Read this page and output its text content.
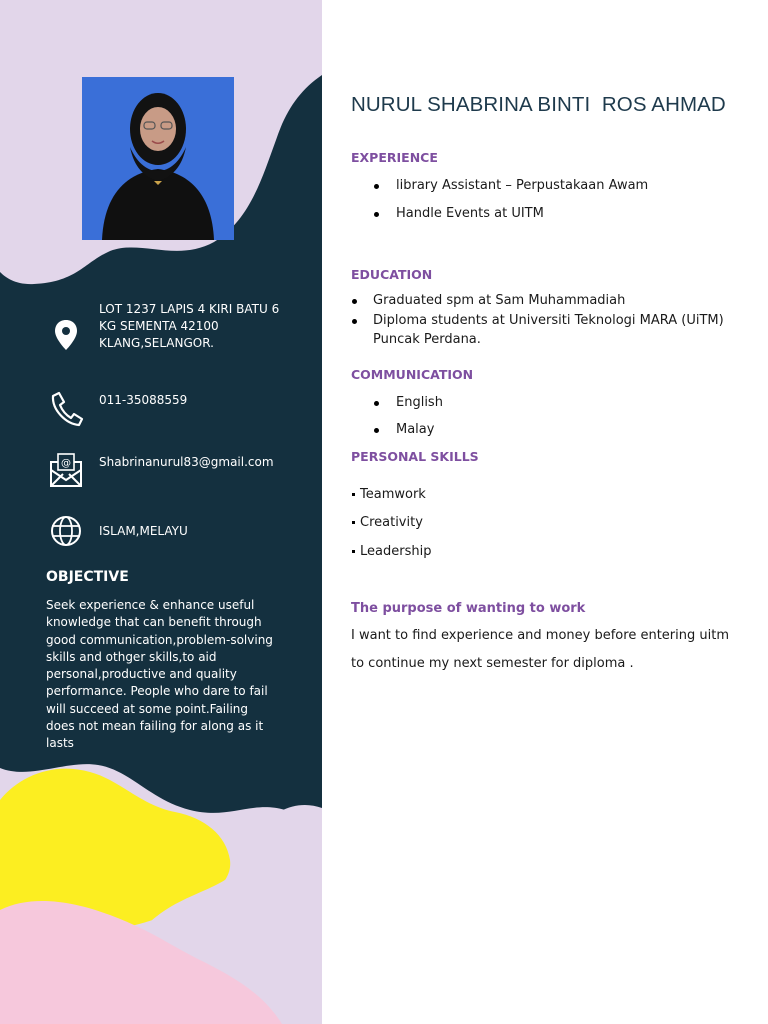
LOT 1237 LAPIS 4 KIRI BATU 6
KG SEMENTA 42100
KLANG,SELANGOR.
011-35088559
@ Shabrinanurul83@gmail.com
ISLAM,MELAYU
OBJECTIVE
Seek experience & enhance useful knowledge that can benefit through good communication,problem-solving skills and othger skills,to aid personal,productive and quality performance. People who dare to fail will succeed at some point.Failing does not mean failing for along as it lasts
NURUL SHABRINA BINTI  ROS AHMAD
EXPERIENCE
library Assistant – Perpustakaan Awam
Handle Events at UITM
EDUCATION
Graduated spm at Sam Muhammadiah
Diploma students at Universiti Teknologi MARA (UiTM) Puncak Perdana.
COMMUNICATION
English
Malay
PERSONAL SKILLS
Teamwork
Creativity
Leadership
The purpose of wanting to work
I want to find experience and money before entering uitm
to continue my next semester for diploma .
